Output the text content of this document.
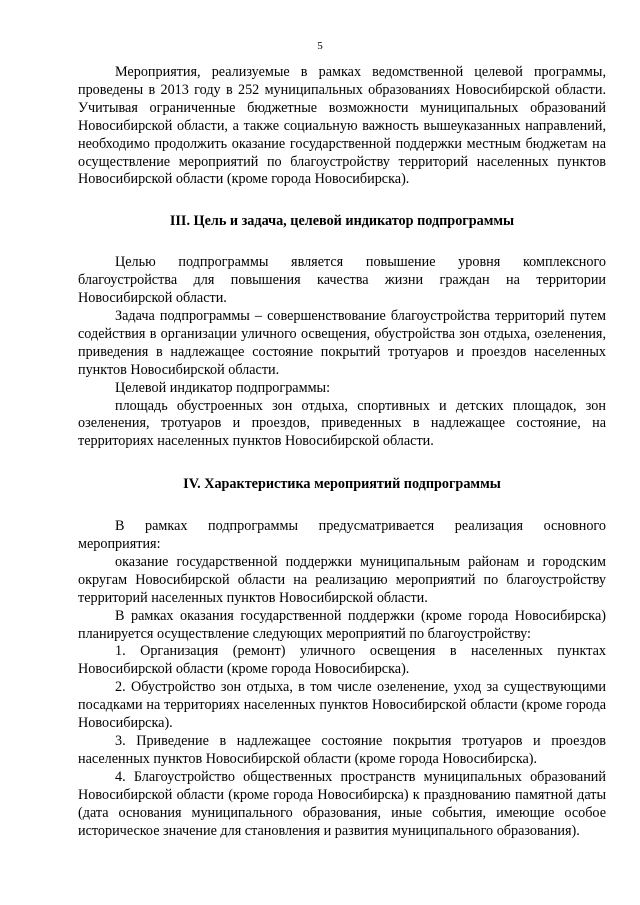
5

Мероприятия, реализуемые в рамках ведомственной целевой программы, проведены в 2013 году в 252 муниципальных образованиях Новосибирской области. Учитывая ограниченные бюджетные возможности муниципальных образований Новосибирской области, а также социальную важность вышеуказанных направлений, необходимо продолжить оказание государственной поддержки местным бюджетам на осуществление мероприятий по благоустройству территорий населенных пунктов Новосибирской области (кроме города Новосибирска).

III. Цель и задача, целевой индикатор подпрограммы

Целью подпрограммы является повышение уровня комплексного благоустройства для повышения качества жизни граждан на территории Новосибирской области.

Задача подпрограммы – совершенствование благоустройства территорий путем содействия в организации уличного освещения, обустройства зон отдыха, озеленения, приведения в надлежащее состояние покрытий тротуаров и проездов населенных пунктов Новосибирской области.

Целевой индикатор подпрограммы:

площадь обустроенных зон отдыха, спортивных и детских площадок, зон озеленения, тротуаров и проездов, приведенных в надлежащее состояние, на территориях населенных пунктов Новосибирской области.

IV. Характеристика мероприятий подпрограммы

В рамках подпрограммы предусматривается реализация основного мероприятия:

оказание государственной поддержки муниципальным районам и городским округам Новосибирской области на реализацию мероприятий по благоустройству территорий населенных пунктов Новосибирской области.

В рамках оказания государственной поддержки (кроме города Новосибирска) планируется осуществление следующих мероприятий по благоустройству:

1. Организация (ремонт) уличного освещения в населенных пунктах Новосибирской области (кроме города Новосибирска).

2. Обустройство зон отдыха, в том числе озеленение, уход за существующими посадками на территориях населенных пунктов Новосибирской области (кроме города Новосибирска).

3. Приведение в надлежащее состояние покрытия тротуаров и проездов населенных пунктов Новосибирской области (кроме города Новосибирска).

4. Благоустройство общественных пространств муниципальных образований Новосибирской области (кроме города Новосибирска) к празднованию памятной даты (дата основания муниципального образования, иные события, имеющие особое историческое значение для становления и развития муниципального образования).
